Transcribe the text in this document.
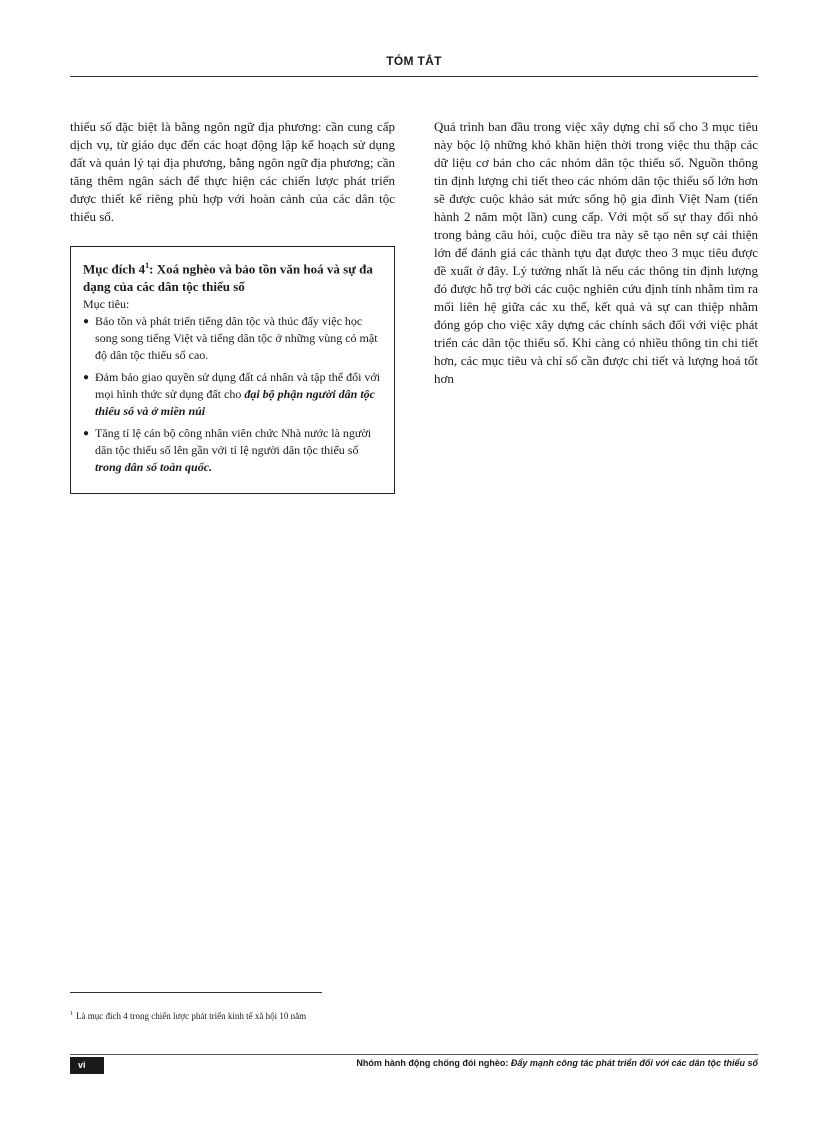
TÓM TẮT

thiểu số đặc biệt là bằng ngôn ngữ địa phương: cần cung cấp dịch vụ, từ giáo dục đến các hoạt động lập kế hoạch sử dụng đất và quản lý tại địa phương, bằng ngôn ngữ địa phương; cần tăng thêm ngân sách để thực hiện các chiến lược phát triển được thiết kế riêng phù hợp với hoàn cảnh của các dân tộc thiểu số.

Mục đích $4^1$: Xoá nghèo và bảo tồn văn hoá và sự đa dạng của các dân tộc thiểu số

Mục tiêu:

● Bảo tồn và phát triển tiếng dân tộc và thúc đẩy việc học song song tiếng Việt và tiếng dân tộc ở những vùng có mật độ dân tộc thiểu số cao.
● Đảm bảo giao quyền sử dụng đất cá nhân và tập thể đối với mọi hình thức sử dụng đất cho đại bộ phận người dân tộc thiểu số và ở miền núi
● Tăng tỉ lệ cán bộ công nhân viên chức Nhà nước là người dân tộc thiểu số lên gần với tỉ lệ người dân tộc thiểu số trong dân số toàn quốc.

Quá trình ban đầu trong việc xây dựng chỉ số cho 3 mục tiêu này bộc lộ những khó khăn hiện thời trong việc thu thập các dữ liệu cơ bản cho các nhóm dân tộc thiểu số. Nguồn thông tin định lượng chi tiết theo các nhóm dân tộc thiểu số lớn hơn sẽ được cuộc khảo sát mức sống hộ gia đình Việt Nam (tiến hành 2 năm một lần) cung cấp. Với một số sự thay đổi nhỏ trong bảng câu hỏi, cuộc điều tra này sẽ tạo nên sự cải thiện lớn để đánh giá các thành tựu đạt được theo 3 mục tiêu được đề xuất ở đây. Lý tưởng nhất là nếu các thông tin định lượng đó được hỗ trợ bởi các cuộc nghiên cứu định tính nhằm tìm ra mối liên hệ giữa các xu thế, kết quả và sự can thiệp nhằm đóng góp cho việc xây dựng các chính sách đối với việc phát triển các dân tộc thiểu số. Khi càng có nhiều thông tin chi tiết hơn, các mục tiêu và chỉ số cần được chi tiết và lượng hoá tốt hơn

$^1$ Là mục đích 4 trong chiến lược phát triển kinh tế xã hội 10 năm
vi	Nhóm hành động chống đói nghèo: Đẩy mạnh công tác phát triển đối với các dân tộc thiểu số
